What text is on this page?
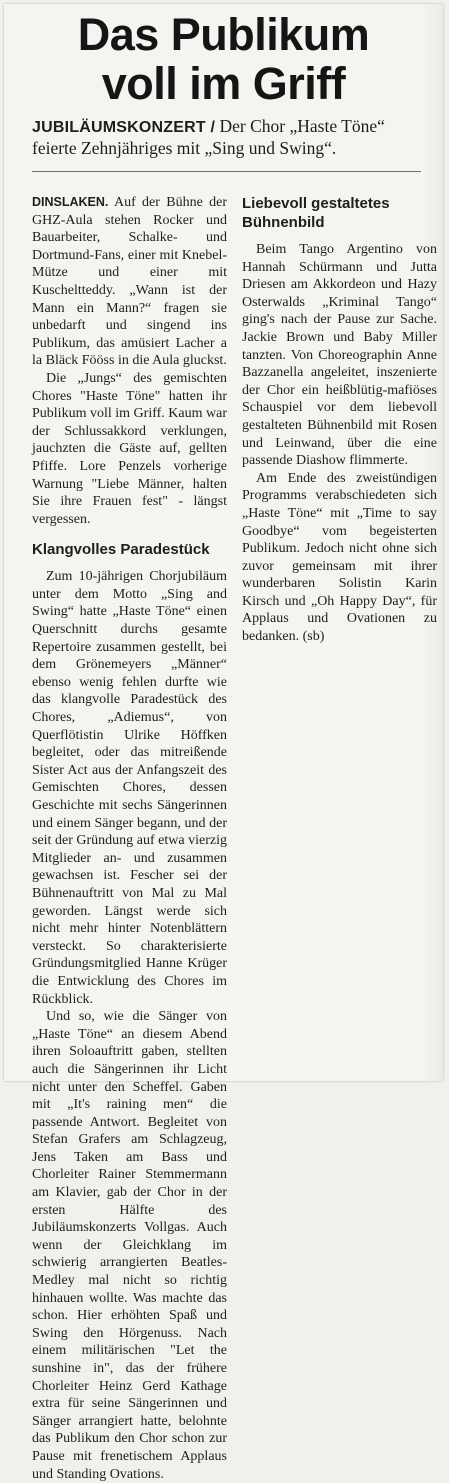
Das Publikum
voll im Griff
JUBILÄUMSKONZERT / Der Chor „Haste Töne“ feierte Zehnjähriges mit „Sing und Swing“.

DINSLAKEN. Auf der Bühne der GHZ-Aula stehen Rocker und Bauarbeiter, Schalke- und Dortmund-Fans, einer mit Knebel-Mütze und einer mit Kuscheltteddy. „Wann ist der Mann ein Mann?“ fragen sie unbedarft und singend ins Publikum, das amüsiert Lacher a la Bläck Fööss in die Aula gluckst.

Die „Jungs“ des gemischten Chores "Haste Töne" hatten ihr Publikum voll im Griff. Kaum war der Schlussakkord verklungen, jauchzten die Gäste auf, gellten Pfiffe. Lore Penzels vorherige Warnung "Liebe Männer, halten Sie ihre Frauen fest" - längst vergessen.

Klangvolles Paradestück

Zum 10-jährigen Chorjubiläum unter dem Motto „Sing and Swing“ hatte „Haste Töne“ einen Querschnitt durchs gesamte Repertoire zusammen gestellt, bei dem Grönemeyers „Männer“ ebenso wenig fehlen durfte wie das klangvolle Paradestück des Chores, „Adiemus“, von Querflötistin Ulrike Höffken begleitet, oder das mitreißende Sister Act aus der Anfangszeit des Gemischten Chores, dessen Geschichte mit sechs Sängerinnen und einem Sänger begann, und der seit der Gründung auf etwa vierzig Mitglieder an- und zusammen gewachsen ist. Fescher sei der Bühnenauftritt von Mal zu Mal geworden. Längst werde sich nicht mehr hinter Notenblättern versteckt. So charakterisierte Gründungsmitglied Hanne Krüger die Entwicklung des Chores im Rückblick.

Und so, wie die Sänger von „Haste Töne“ an diesem Abend ihren Soloauftritt gaben, stellten auch die Sängerinnen ihr Licht nicht unter den Scheffel. Gaben mit „It's raining men“ die passende Antwort. Begleitet von Stefan Grafers am Schlagzeug, Jens Taken am Bass und Chorleiter Rainer Stemmermann am Klavier, gab der Chor in der ersten Hälfte des Jubiläumskonzerts Vollgas. Auch wenn der Gleichklang im schwierig arrangierten Beatles-Medley mal nicht so richtig hinhauen wollte. Was machte das schon. Hier erhöhten Spaß und Swing den Hörgenuss. Nach einem militärischen "Let the sunshine in", das der frühere Chorleiter Heinz Gerd Kathage extra für seine Sängerinnen und Sänger arrangiert hatte, belohnte das Publikum den Chor schon zur Pause mit frenetischem Applaus und Standing Ovations.

Liebevoll gestaltetes Bühnenbild

Beim Tango Argentino von Hannah Schürmann und Jutta Driesen am Akkordeon und Hazy Osterwalds „Kriminal Tango“ ging's nach der Pause zur Sache. Jackie Brown und Baby Miller tanzten. Von Choreographin Anne Bazzanella angeleitet, inszenierte der Chor ein heißblütig-mafiöses Schauspiel vor dem liebevoll gestalteten Bühnenbild mit Rosen und Leinwand, über die eine passende Diashow flimmerte.

Am Ende des zweistündigen Programms verabschiedeten sich „Haste Töne“ mit „Time to say Goodbye“ vom begeisterten Publikum. Jedoch nicht ohne sich zuvor gemeinsam mit ihrer wunderbaren Solistin Karin Kirsch und „Oh Happy Day“, für Applaus und Ovationen zu bedanken. (sb)
